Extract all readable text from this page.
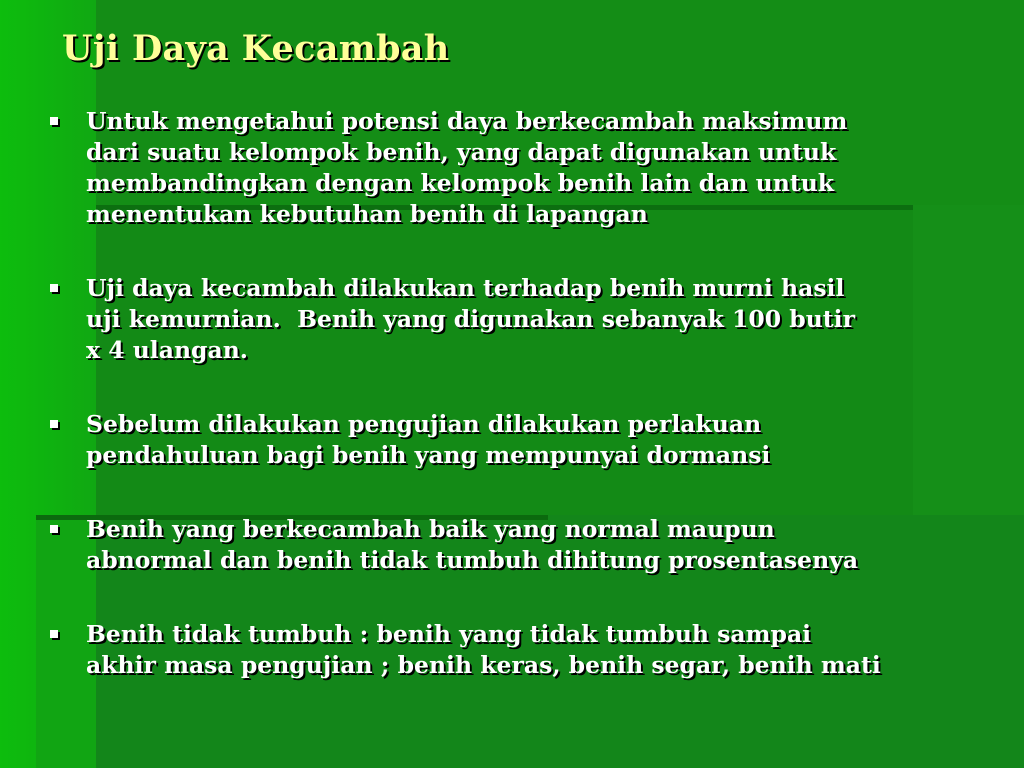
Uji Daya Kecambah
Untuk mengetahui potensi daya berkecambah maksimum
dari suatu kelompok benih, yang dapat digunakan untuk
membandingkan dengan kelompok benih lain dan untuk
menentukan kebutuhan benih di lapangan
Uji daya kecambah dilakukan terhadap benih murni hasil
uji kemurnian.  Benih yang digunakan sebanyak 100 butir
x 4 ulangan.
Sebelum dilakukan pengujian dilakukan perlakuan
pendahuluan bagi benih yang mempunyai dormansi
Benih yang berkecambah baik yang normal maupun
abnormal dan benih tidak tumbuh dihitung prosentasenya
Benih tidak tumbuh : benih yang tidak tumbuh sampai
akhir masa pengujian ; benih keras, benih segar, benih mati
